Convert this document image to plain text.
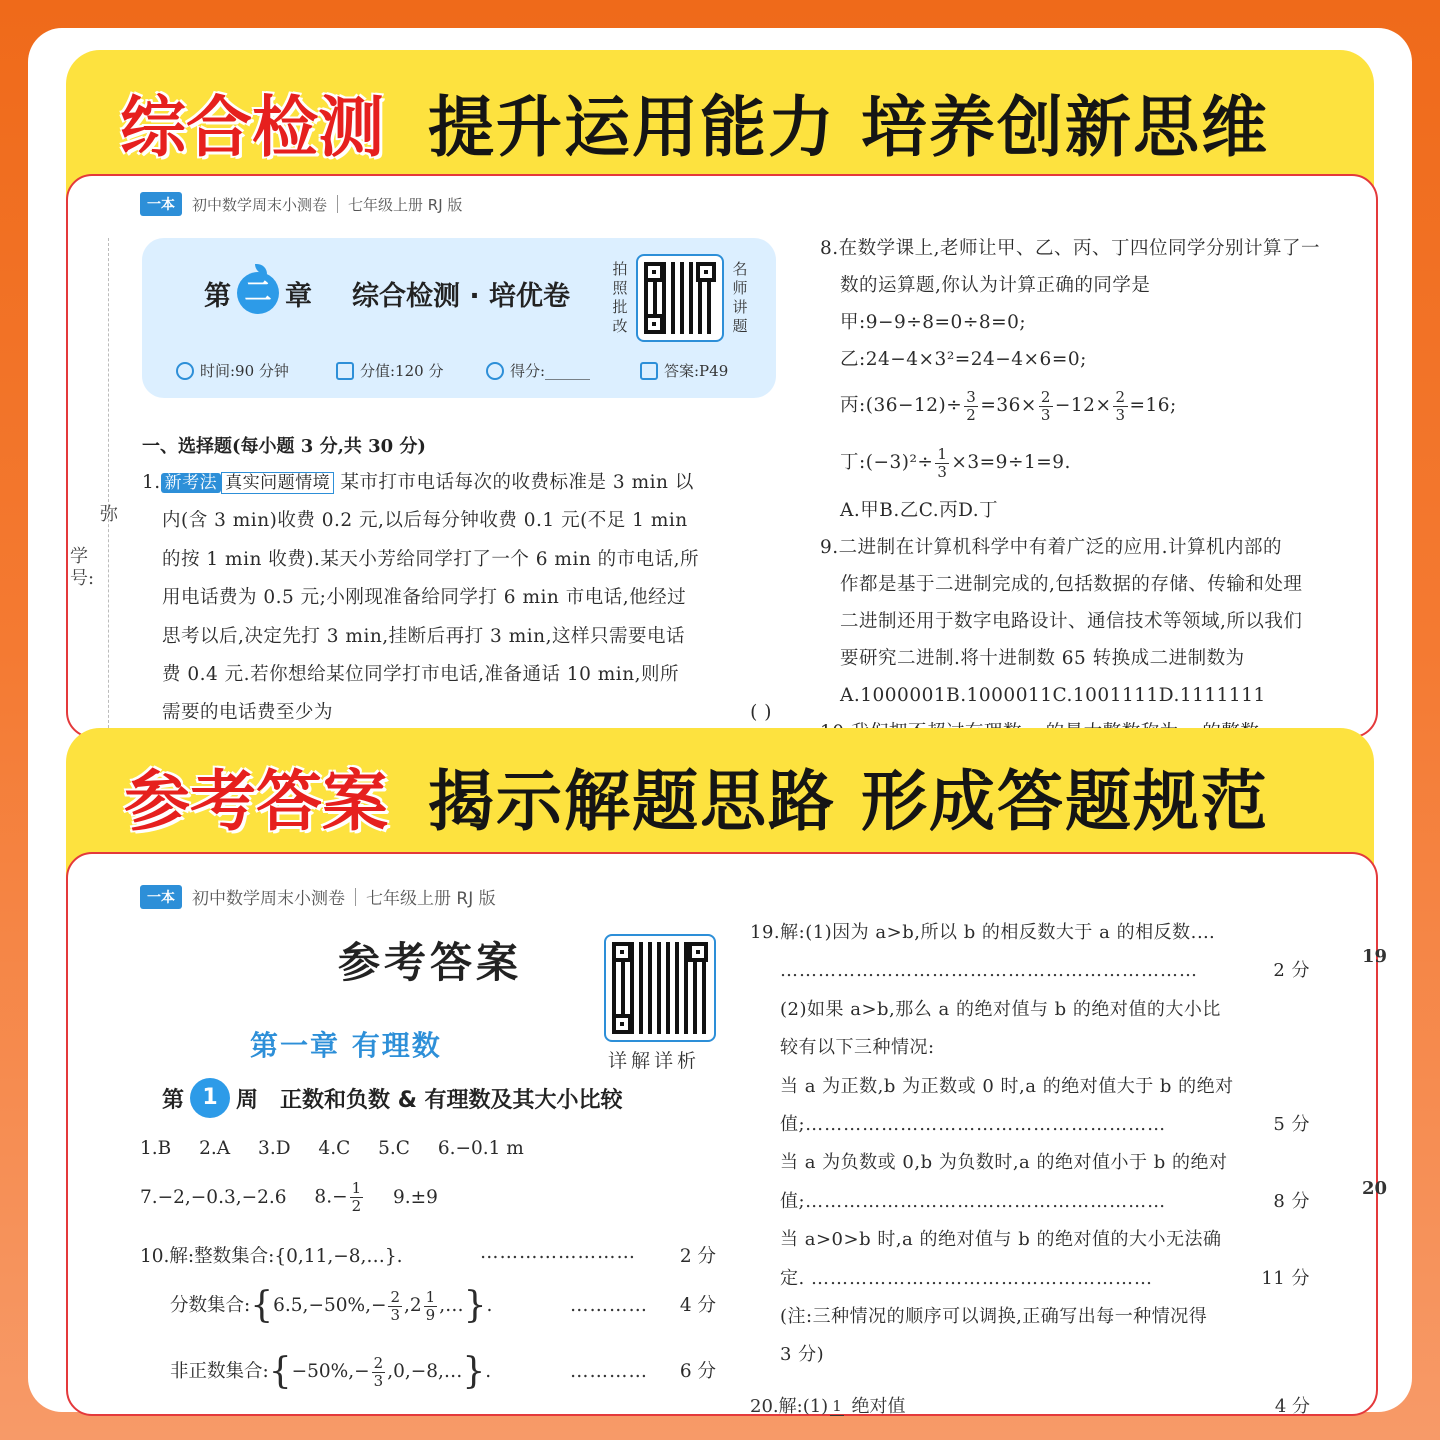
综合检测 提升运用能力 培养创新思维
一本	初中数学周末小测卷 七年级上册 RJ 版
弥
学号:
第 二 章 综合检测 · 培优卷
拍照批改
名师讲题
时间:90 分钟	分值:120 分	得分:______	答案:P49
一、选择题(每小题 3 分,共 30 分)
1. 新考法 真实问题情境 某市打市电话每次的收费标准是 3 min 以
内(含 3 min)收费 0.2 元,以后每分钟收费 0.1 元(不足 1 min
的按 1 min 收费).某天小芳给同学打了一个 6 min 的市电话,所
用电话费为 0.5 元;小刚现准备给同学打 6 min 市电话,他经过
思考以后,决定先打 3 min,挂断后再打 3 min,这样只需要电话
费 0.4 元.若你想给某位同学打市电话,准备通话 10 min,则所
需要的电话费至少为	( )
8.在数学课上,老师让甲、乙、丙、丁四位同学分别计算了一
数的运算题,你认为计算正确的同学是
甲:9−9÷8=0÷8=0;
乙:24−4×3²=24−4×6=0;
丙:(36−12)÷ $\frac{3}{2} =36\times \frac{2}{3} -12\times \frac{2}{3} =16$;
丁:(−3)²÷ $\frac{1}{3} \times 3=9\div 1=9$.
A.甲B.乙C.丙D.丁
9.二进制在计算机科学中有着广泛的应用.计算机内部的
作都是基于二进制完成的,包括数据的存储、传输和处理
二进制还用于数字电路设计、通信技术等领域,所以我们
要研究二进制.将十进制数 65 转换成二进制数为
A.1000001B.1000011C.1001111D.1111111
参考答案 揭示解题思路 形成答题规范
一本	初中数学周末小测卷 七年级上册 RJ 版
参考答案
详解详析
第一章 有理数
第 1 周 正数和负数 & 有理数及其大小比较
1.B 2.A 3.D 4.C 5.C 6.−0.1 m
7.−2,−0.3,−2.6 $8.- \frac{1}{2} 9.\pm 9$
10.解:整数集合:{0,11,−8,…}.	…………………… 2 分
分数集合:{6.5,−50%,− $\frac{2}{3} ,2 \frac{1}{9}$ ,…}.	………… 4 分
非正数集合:{−50%,− $\frac{2}{3}$ ,0,−8,…}.	………… 6 分
19.解:(1)因为 a>b,所以 b 的相反数大于 a 的相反数.…
…………………………………………………………	2 分
(2)如果 a>b,那么 a 的绝对值与 b 的绝对值的大小比
较有以下三种情况:
当 a 为正数,b 为正数或 0 时,a 的绝对值大于 b 的绝对
值;…………………………………………………	5 分
当 a 为负数或 0,b 为负数时,a 的绝对值小于 b 的绝对
值;…………………………………………………	8 分
当 a>0>b 时,a 的绝对值与 b 的绝对值的大小无法确
定. ………………………………………………	11 分
(注:三种情况的顺序可以调换,正确写出每一种情况得
3 分)
20.解:(1) 1 绝对值	4 分
19
20
